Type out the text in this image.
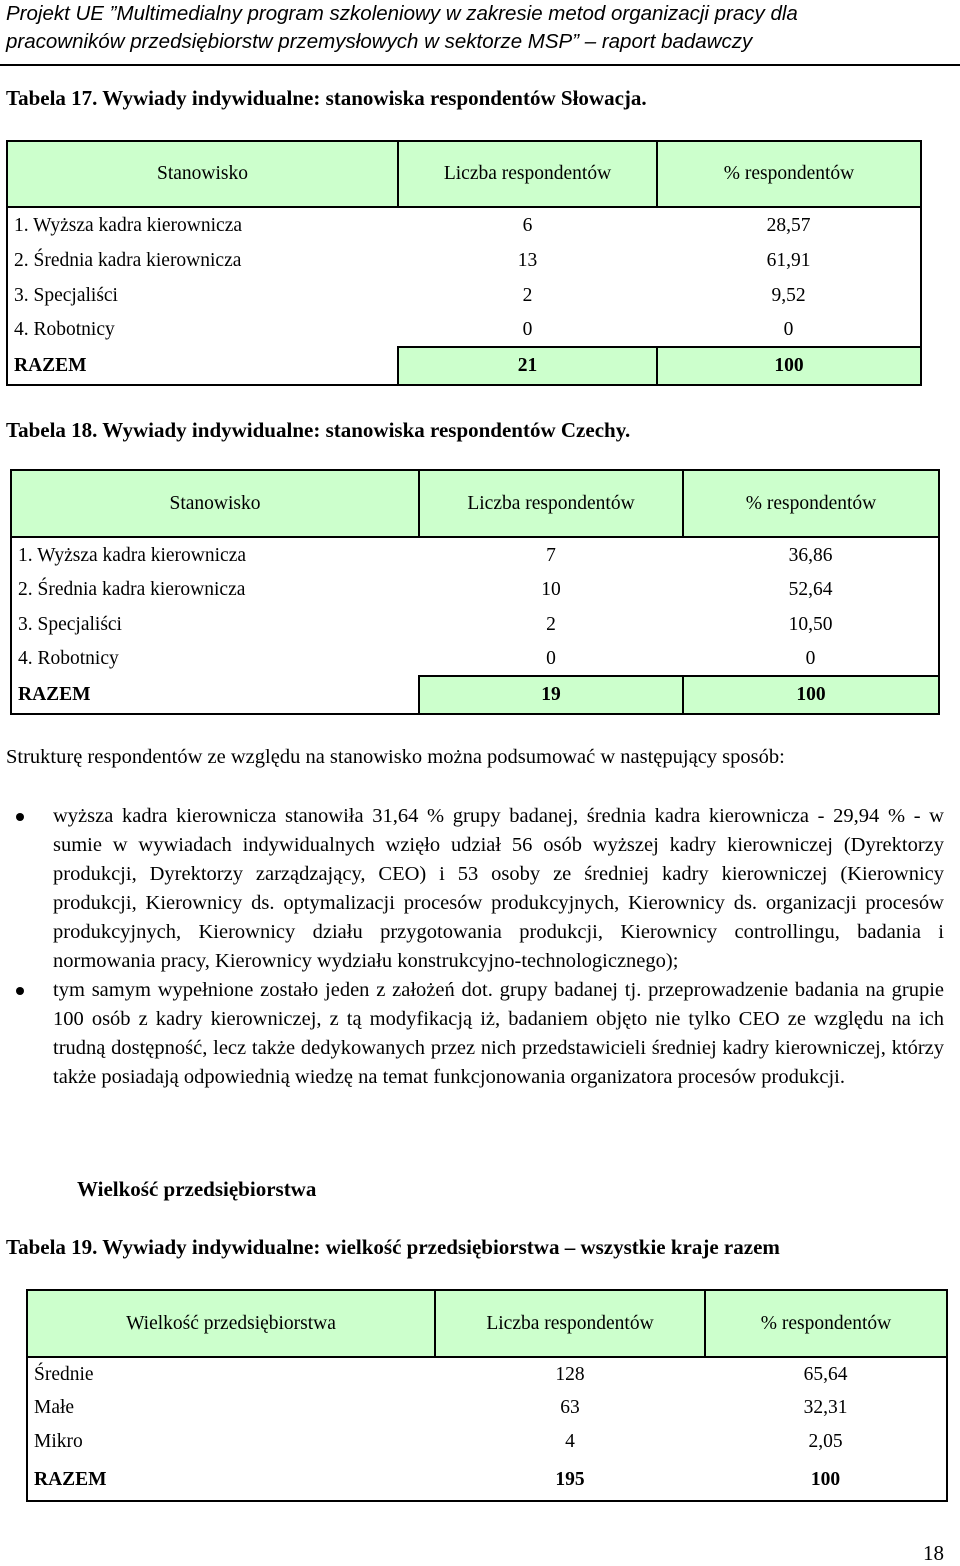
Projekt UE ”Multimedialny program szkoleniowy w zakresie metod organizacji pracy dla
pracowników przedsiębiorstw przemysłowych w sektorze MSP” – raport badawczy
Tabela 17. Wywiady indywidualne: stanowiska respondentów Słowacja.
Stanowisko	Liczba respondentów	% respondentów
1. Wyższa kadra kierownicza	6	28,57
2. Średnia kadra kierownicza	13	61,91
3. Specjaliści	2	9,52
4. Robotnicy	0	0
RAZEM	21	100
Tabela 18. Wywiady indywidualne: stanowiska respondentów Czechy.
Stanowisko	Liczba respondentów	% respondentów
1. Wyższa kadra kierownicza	7	36,86
2. Średnia kadra kierownicza	10	52,64
3. Specjaliści	2	10,50
4. Robotnicy	0	0
RAZEM	19	100
Strukturę respondentów ze względu na stanowisko można podsumować w następujący sposób:
wyższa kadra kierownicza stanowiła 31,64 % grupy badanej, średnia kadra kierownicza - 29,94 % - w sumie w wywiadach indywidualnych wzięło udział 56 osób wyższej kadry kierowniczej (Dyrektorzy produkcji, Dyrektorzy zarządzający, CEO) i 53 osoby ze średniej kadry kierowniczej (Kierownicy produkcji, Kierownicy ds. optymalizacji procesów produkcyjnych, Kierownicy ds. organizacji procesów produkcyjnych, Kierownicy działu przygotowania produkcji, Kierownicy controllingu, badania i normowania pracy, Kierownicy wydziału konstrukcyjno-technologicznego);
tym samym wypełnione zostało jeden z założeń dot. grupy badanej tj. przeprowadzenie badania na grupie 100 osób z kadry kierowniczej, z tą modyfikacją iż, badaniem objęto nie tylko CEO ze względu na ich trudną dostępność, lecz także dedykowanych przez nich przedstawicieli średniej kadry kierowniczej, którzy także posiadają odpowiednią wiedzę na temat funkcjonowania organizatora procesów produkcji.
Wielkość przedsiębiorstwa
Tabela 19. Wywiady indywidualne: wielkość przedsiębiorstwa – wszystkie kraje razem
Wielkość przedsiębiorstwa	Liczba respondentów	% respondentów
Średnie	128	65,64
Małe	63	32,31
Mikro	4	2,05
RAZEM	195	100
18
